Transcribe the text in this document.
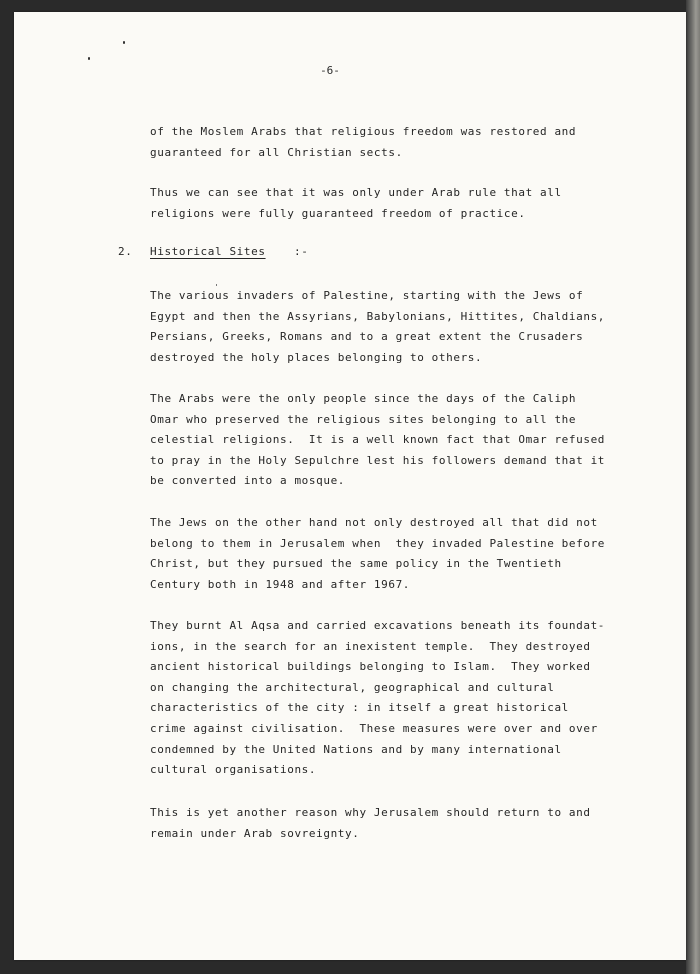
-6-

of the Moslem Arabs that religious freedom was restored and
guaranteed for all Christian sects.

Thus we can see that it was only under Arab rule that all
religions were fully guaranteed freedom of practice.

2.

Historical Sites

	:-

The various invaders of Palestine, starting with the Jews of
Egypt and then the Assyrians, Babylonians, Hittites, Chaldians,
Persians, Greeks, Romans and to a great extent the Crusaders
destroyed the holy places belonging to others.

The Arabs were the only people since the days of the Caliph
Omar who preserved the religious sites belonging to all the
celestial religions.  It is a well known fact that Omar refused
to pray in the Holy Sepulchre lest his followers demand that it
be converted into a mosque.

The Jews on the other hand not only destroyed all that did not
belong to them in Jerusalem when  they invaded Palestine before
Christ, but they pursued the same policy in the Twentieth
Century both in 1948 and after 1967.

They burnt Al Aqsa and carried excavations beneath its foundat-
ions, in the search for an inexistent temple.  They destroyed
ancient historical buildings belonging to Islam.  They worked
on changing the architectural, geographical and cultural
characteristics of the city : in itself a great historical
crime against civilisation.  These measures were over and over
condemned by the United Nations and by many international
cultural organisations.

This is yet another reason why Jerusalem should return to and
remain under Arab sovreignty.
